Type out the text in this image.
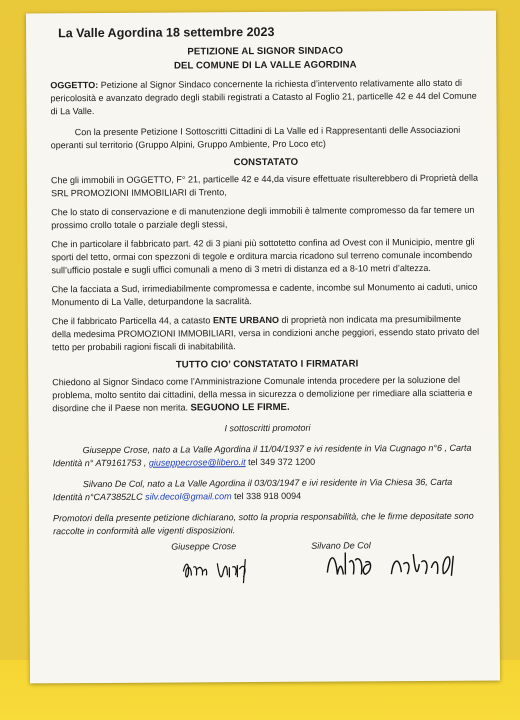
La Valle Agordina 18 settembre 2023
PETIZIONE AL SIGNOR SINDACO
DEL COMUNE DI LA VALLE AGORDINA
OGGETTO: Petizione al Signor Sindaco concernente la richiesta d’intervento relativamente allo stato di pericolosità e avanzato degrado degli stabili registrati a Catasto al Foglio 21, particelle 42 e 44 del Comune di La Valle.
Con la presente Petizione I Sottoscritti Cittadini di La Valle ed i Rappresentanti delle Associazioni operanti sul territorio (Gruppo Alpini, Gruppo Ambiente, Pro Loco etc)
CONSTATATO
Che gli immobili in OGGETTO, F° 21, particelle 42 e 44,da visure effettuate risulterebbero di Proprietà della SRL PROMOZIONI IMMOBILIARI di Trento,
Che lo stato di conservazione e di manutenzione degli immobili è talmente compromesso da far temere un prossimo crollo totale o parziale degli stessi,
Che in particolare il fabbricato part. 42 di 3 piani più sottotetto confina ad Ovest con il Municipio, mentre gli sporti del tetto, ormai con spezzoni di tegole e orditura marcia ricadono sul terreno comunale incombendo sull’ufficio postale e sugli uffici comunali a meno di 3 metri di distanza ed a 8-10 metri d’altezza.
Che la facciata a Sud, irrimediabilmente compromessa e cadente, incombe sul Monumento ai caduti, unico Monumento di La Valle, deturpandone la sacralità.
Che il fabbricato Particella 44, a catasto ENTE URBANO di proprietà non indicata ma presumibilmente della medesima PROMOZIONI IMMOBILIARI, versa in condizioni anche peggiori, essendo stato privato del tetto per probabili ragioni fiscali di inabitabilità.
TUTTO CIO’ CONSTATATO I FIRMATARI
Chiedono al Signor Sindaco come l’Amministrazione Comunale intenda procedere per la soluzione del problema, molto sentito dai cittadini, della messa in sicurezza o demolizione per rimediare alla sciatteria e disordine che il Paese non merita. SEGUONO LE FIRME.
I sottoscritti promotori
Giuseppe Crose, nato a La Valle Agordina il 11/04/1937 e ivi residente in Via Cugnago n°6 , Carta Identità n° AT9161753 , giuseppecrose@libero.it tel 349 372 1200
Silvano De Col, nato a La Valle Agordina il 03/03/1947 e ivi residente in Via Chiesa 36, Carta Identità n°CA73852LC silv.decol@gmail.com tel 338 918 0094
Promotori della presente petizione dichiarano, sotto la propria responsabilità, che le firme depositate sono raccolte in conformità alle vigenti disposizioni.
Giuseppe Crose	Silvano De Col
